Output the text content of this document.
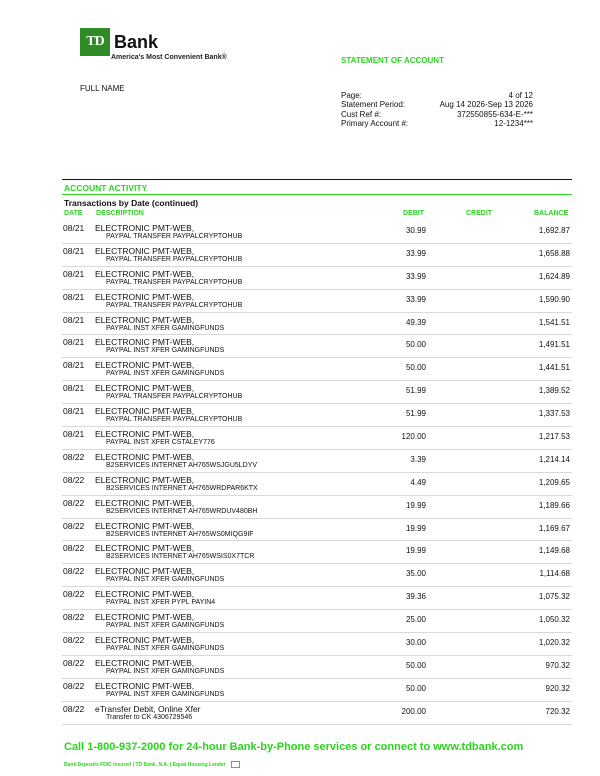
TD Bank
America's Most Convenient Bank®	STATEMENT OF ACCOUNT
FULL NAME
Page:	4 of 12
Statement Period:	Aug 14 2026-Sep 13 2026
Cust Ref #:	372550855-634-E-***
Primary Account #:	12-1234***
ACCOUNT ACTIVITY
Transactions by Date (continued)
DATE DESCRIPTION	DEBIT	CREDIT	BALANCE
08/21 ELECTRONIC PMT-WEB,
PAYPAL TRANSFER PAYPALCRYPTOHUB
30.99	1,692.87
08/21 ELECTRONIC PMT-WEB,
PAYPAL TRANSFER PAYPALCRYPTOHUB
33.99	1,658.88
08/21 ELECTRONIC PMT-WEB,
PAYPAL TRANSFER PAYPALCRYPTOHUB
33.99	1,624.89
08/21 ELECTRONIC PMT-WEB,
PAYPAL TRANSFER PAYPALCRYPTOHUB
33.99	1,590.90
08/21 ELECTRONIC PMT-WEB,
PAYPAL INST XFER GAMINGFUNDS
49.39	1,541.51
08/21 ELECTRONIC PMT-WEB,
PAYPAL INST XFER GAMINGFUNDS
50.00	1,491.51
08/21 ELECTRONIC PMT-WEB,
PAYPAL INST XFER GAMINGFUNDS
50.00	1,441.51
08/21 ELECTRONIC PMT-WEB,
PAYPAL TRANSFER PAYPALCRYPTOHUB
51.99	1,389.52
08/21 ELECTRONIC PMT-WEB,
PAYPAL TRANSFER PAYPALCRYPTOHUB
51.99	1,337.53
08/21 ELECTRONIC PMT-WEB,
PAYPAL INST XFER CSTALEY776
120.00	1,217.53
08/22 ELECTRONIC PMT-WEB,
B2SERVICES INTERNET AH765WSJGU5LDYV
3.39	1,214.14
08/22 ELECTRONIC PMT-WEB,
B2SERVICES INTERNET AH765WRDPAR6KTX
4.49	1,209.65
08/22 ELECTRONIC PMT-WEB,
B2SERVICES INTERNET AH765WRDUV480BH
19.99	1,189.66
08/22 ELECTRONIC PMT-WEB,
B2SERVICES INTERNET AH765WS0MIQG9IF
19.99	1,169.67
08/22 ELECTRONIC PMT-WEB,
B2SERVICES INTERNET AH765WSIS0X7TCR
19.99	1,149.68
08/22 ELECTRONIC PMT-WEB,
PAYPAL INST XFER GAMINGFUNDS
35.00	1,114.68
08/22 ELECTRONIC PMT-WEB,
PAYPAL INST XFER PYPL PAYIN4
39.36	1,075.32
08/22 ELECTRONIC PMT-WEB,
PAYPAL INST XFER GAMINGFUNDS
25.00	1,050.32
08/22 ELECTRONIC PMT-WEB,
PAYPAL INST XFER GAMINGFUNDS
30.00	1,020.32
08/22 ELECTRONIC PMT-WEB,
PAYPAL INST XFER GAMINGFUNDS
50.00	970.32
08/22 ELECTRONIC PMT-WEB,
PAYPAL INST XFER GAMINGFUNDS
50.00	920.32
08/22 eTransfer Debit, Online Xfer
Transfer to CK 4306729546
200.00	720.32
Call 1-800-937-2000 for 24-hour Bank-by-Phone services or connect to www.tdbank.com
Bank Deposits FDIC Insured | TD Bank, N.A. | Equal Housing Lender
